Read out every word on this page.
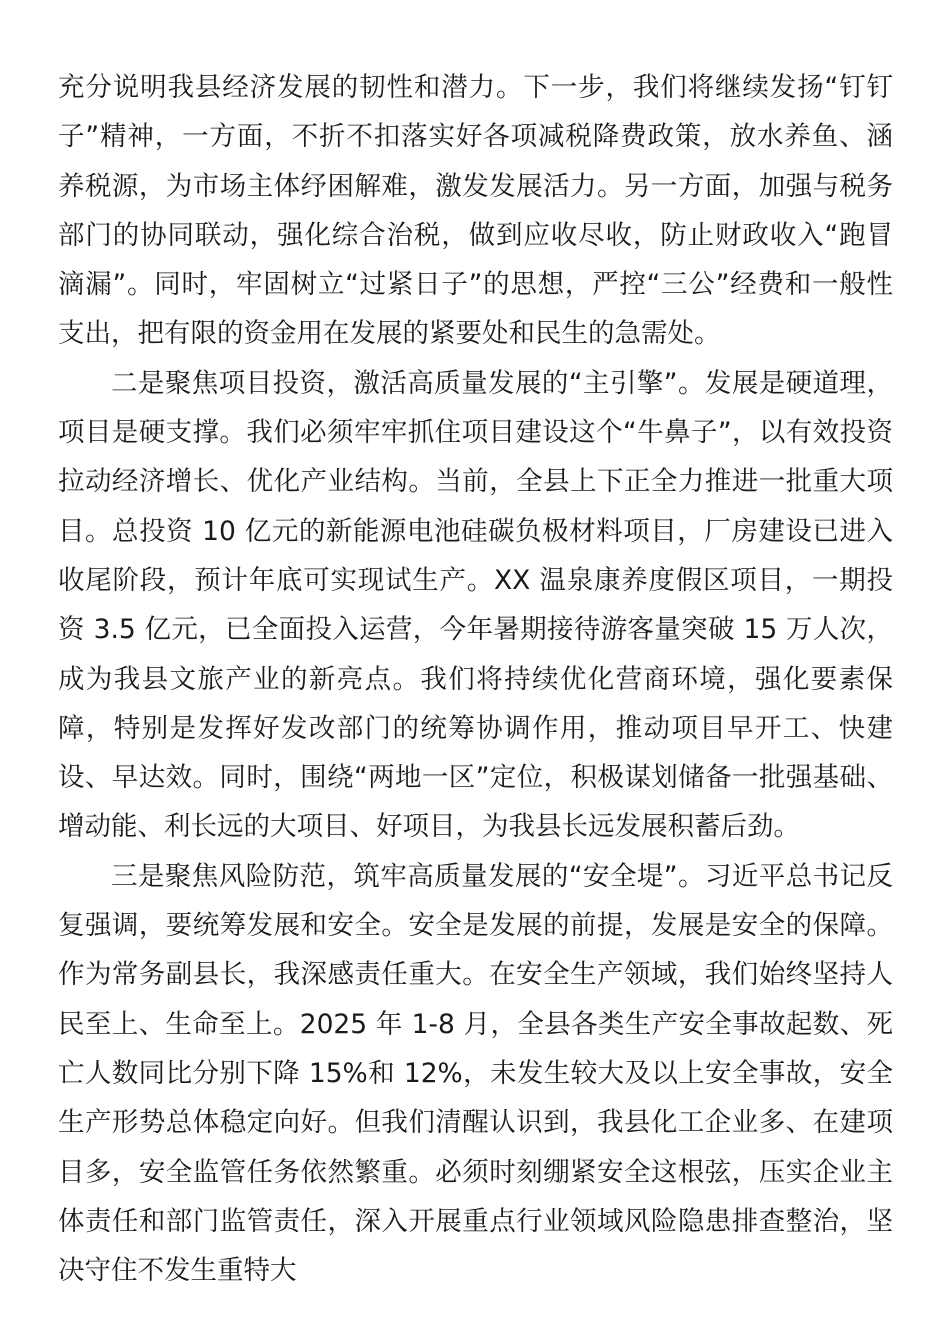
充分说明我县经济发展的韧性和潜力。下一步，我们将继续发扬“钉钉子”精神，一方面，不折不扣落实好各项减税降费政策，放水养鱼、涵养税源，为市场主体纾困解难，激发发展活力。另一方面，加强与税务部门的协同联动，强化综合治税，做到应收尽收，防止财政收入“跑冒滴漏”。同时，牢固树立“过紧日子”的思想，严控“三公”经费和一般性支出，把有限的资金用在发展的紧要处和民生的急需处。

二是聚焦项目投资，激活高质量发展的“主引擎”。发展是硬道理，项目是硬支撑。我们必须牢牢抓住项目建设这个“牛鼻子”，以有效投资拉动经济增长、优化产业结构。当前，全县上下正全力推进一批重大项目。总投资 10 亿元的新能源电池硅碳负极材料项目，厂房建设已进入收尾阶段，预计年底可实现试生产。XX 温泉康养度假区项目，一期投资 3.5 亿元，已全面投入运营，今年暑期接待游客量突破 15 万人次，成为我县文旅产业的新亮点。我们将持续优化营商环境，强化要素保障，特别是发挥好发改部门的统筹协调作用，推动项目早开工、快建设、早达效。同时，围绕“两地一区”定位，积极谋划储备一批强基础、增动能、利长远的大项目、好项目，为我县长远发展积蓄后劲。

三是聚焦风险防范，筑牢高质量发展的“安全堤”。习近平总书记反复强调，要统筹发展和安全。安全是发展的前提，发展是安全的保障。作为常务副县长，我深感责任重大。在安全生产领域，我们始终坚持人民至上、生命至上。2025 年 1-8 月，全县各类生产安全事故起数、死亡人数同比分别下降 15%和 12%，未发生较大及以上安全事故，安全生产形势总体稳定向好。但我们清醒认识到，我县化工企业多、在建项目多，安全监管任务依然繁重。必须时刻绷紧安全这根弦，压实企业主体责任和部门监管责任，深入开展重点行业领域风险隐患排查整治，坚决守住不发生重特大
